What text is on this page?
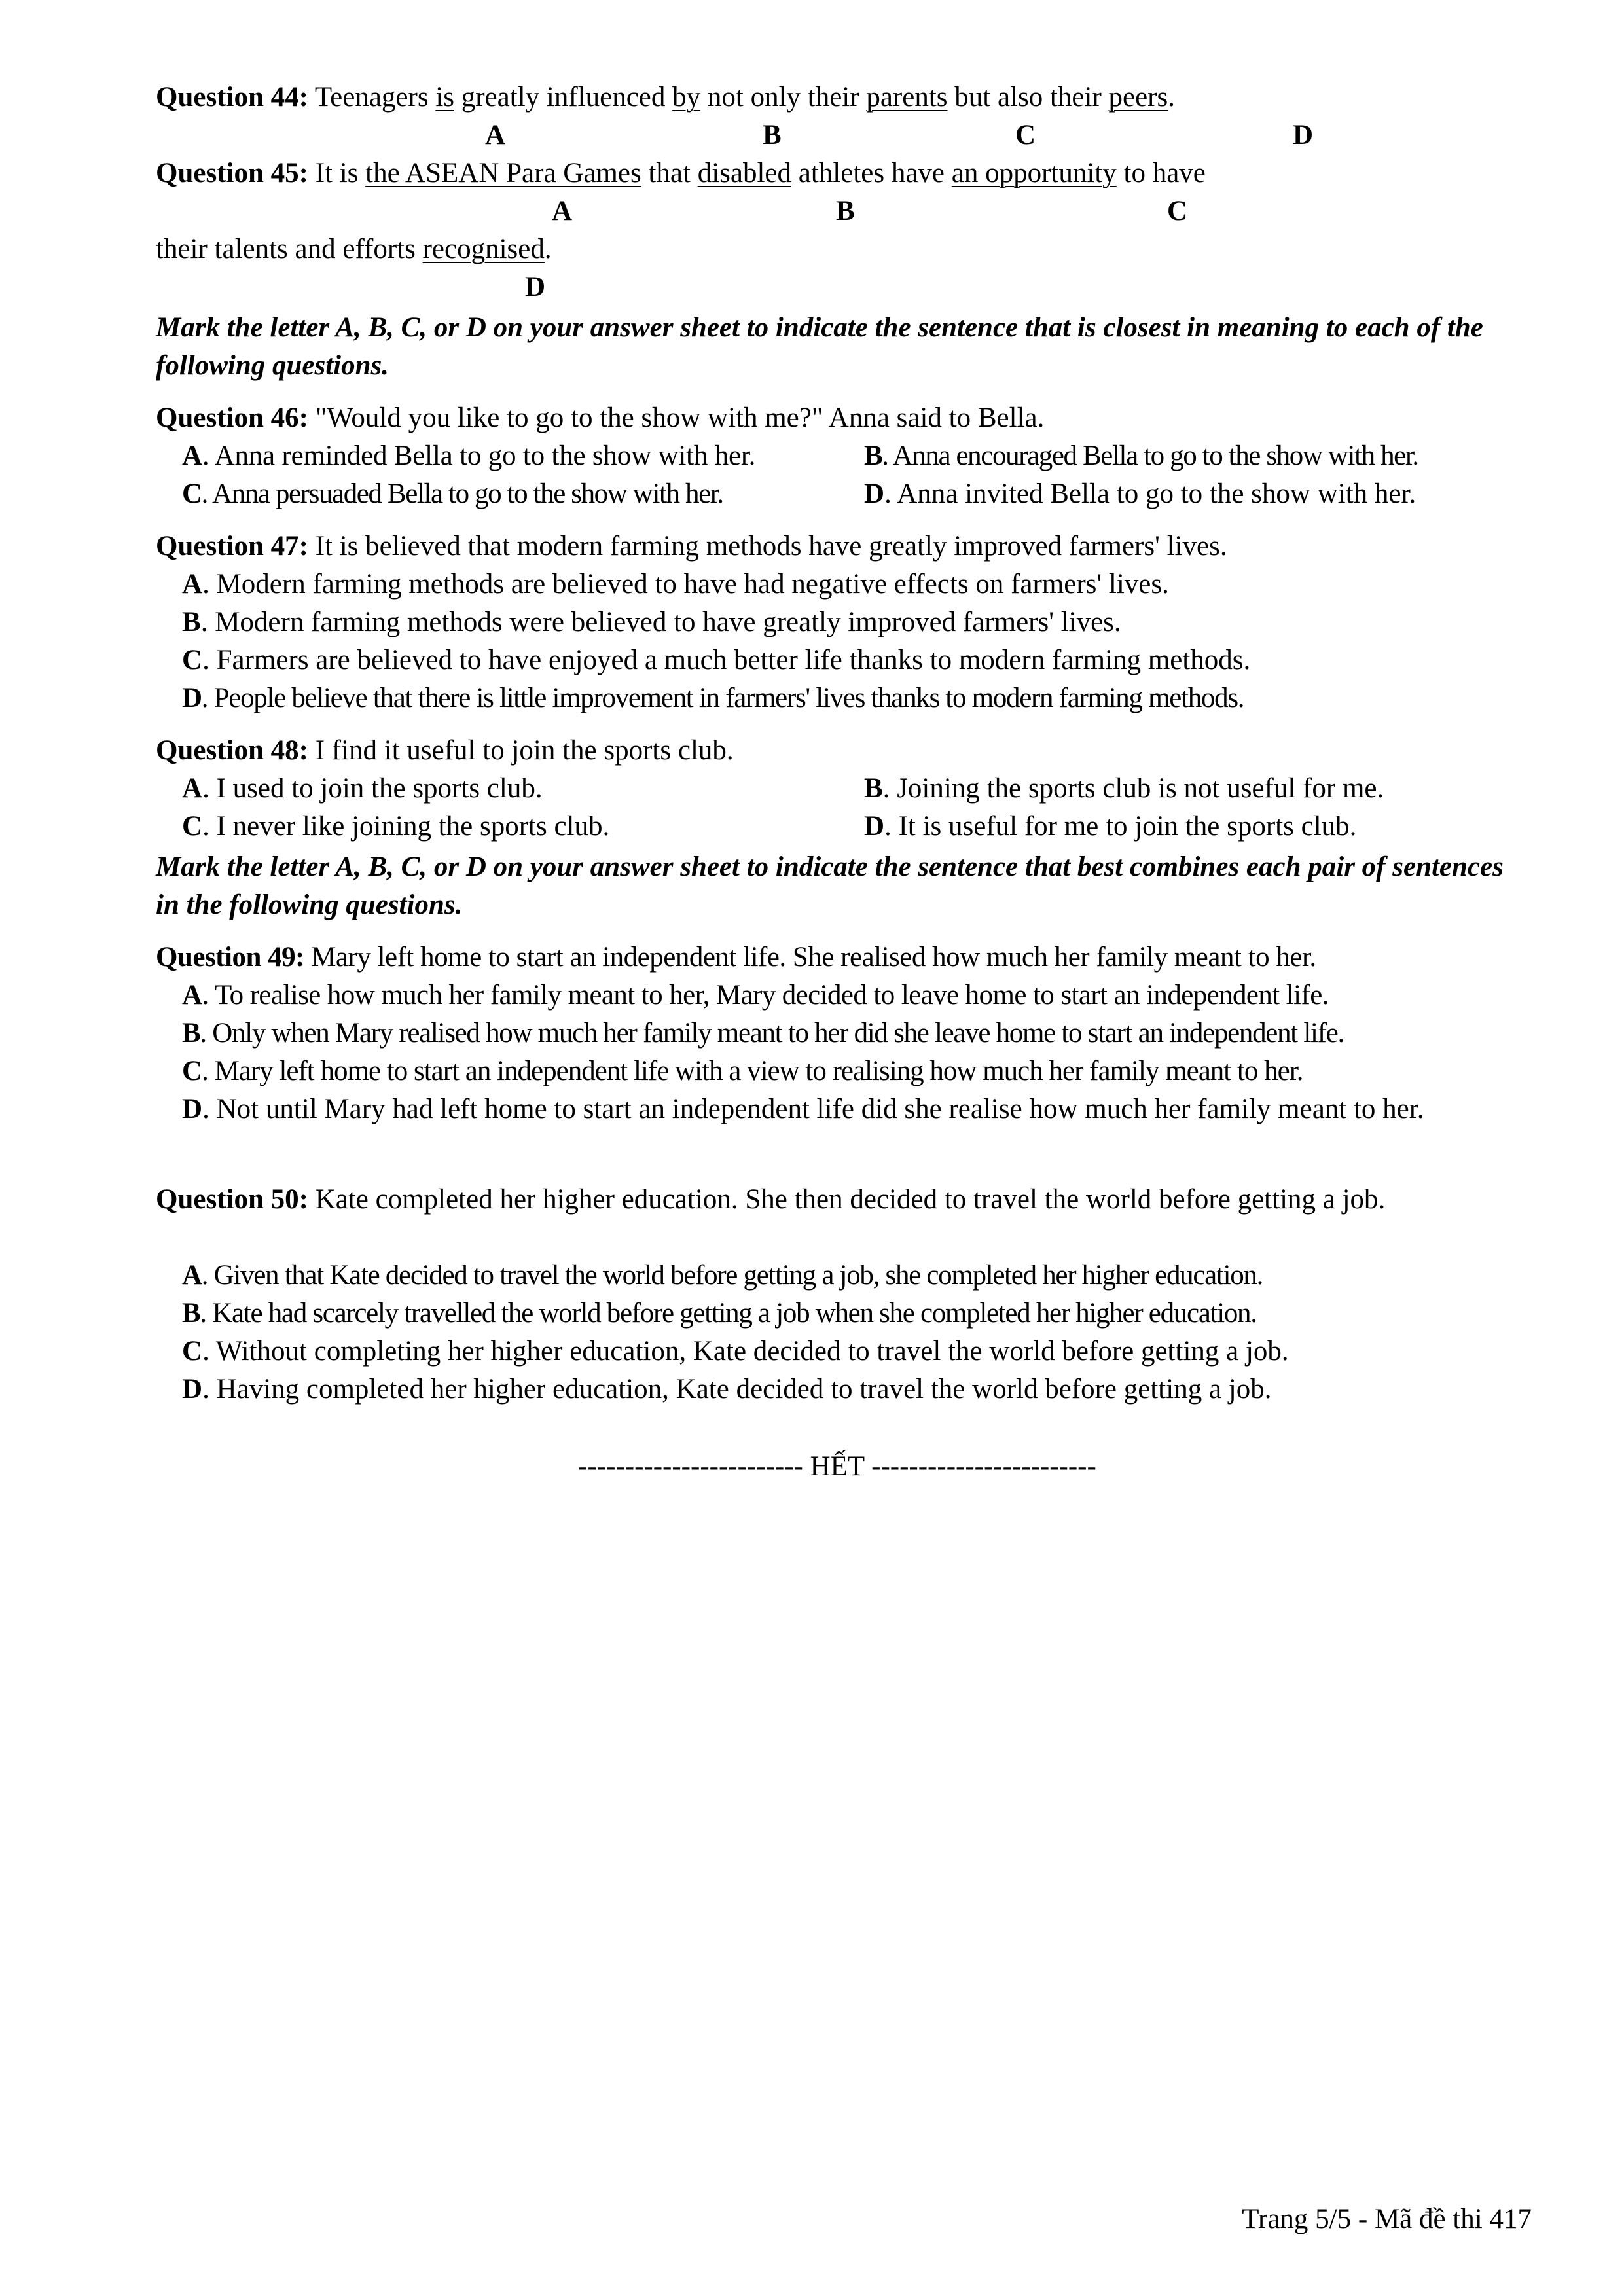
Question 44: Teenagers is greatly influenced by not only their parents but also their peers.
A	B	C	D
Question 45: It is the ASEAN Para Games that disabled athletes have an opportunity to have
A	B	C
their talents and efforts recognised.
D
Mark the letter A, B, C, or D on your answer sheet to indicate the sentence that is closest in meaning to each of the following questions.
Question 46: "Would you like to go to the show with me?" Anna said to Bella.
A. Anna reminded Bella to go to the show with her.	B. Anna encouraged Bella to go to the show with her.
C. Anna persuaded Bella to go to the show with her.	D. Anna invited Bella to go to the show with her.
Question 47: It is believed that modern farming methods have greatly improved farmers' lives.
A. Modern farming methods are believed to have had negative effects on farmers' lives.
B. Modern farming methods were believed to have greatly improved farmers' lives.
C. Farmers are believed to have enjoyed a much better life thanks to modern farming methods.
D. People believe that there is little improvement in farmers' lives thanks to modern farming methods.
Question 48: I find it useful to join the sports club.
A. I used to join the sports club.	B. Joining the sports club is not useful for me.
C. I never like joining the sports club.	D. It is useful for me to join the sports club.
Mark the letter A, B, C, or D on your answer sheet to indicate the sentence that best combines each pair of sentences in the following questions.
Question 49: Mary left home to start an independent life. She realised how much her family meant to her.
A. To realise how much her family meant to her, Mary decided to leave home to start an independent life.
B. Only when Mary realised how much her family meant to her did she leave home to start an independent life.
C. Mary left home to start an independent life with a view to realising how much her family meant to her.
D. Not until Mary had left home to start an independent life did she realise how much her family meant to her.
Question 50: Kate completed her higher education. She then decided to travel the world before getting a job.
A. Given that Kate decided to travel the world before getting a job, she completed her higher education.
B. Kate had scarcely travelled the world before getting a job when she completed her higher education.
C. Without completing her higher education, Kate decided to travel the world before getting a job.
D. Having completed her higher education, Kate decided to travel the world before getting a job.
------------------------ HẾT ------------------------
Trang 5/5 - Mã đề thi 417
